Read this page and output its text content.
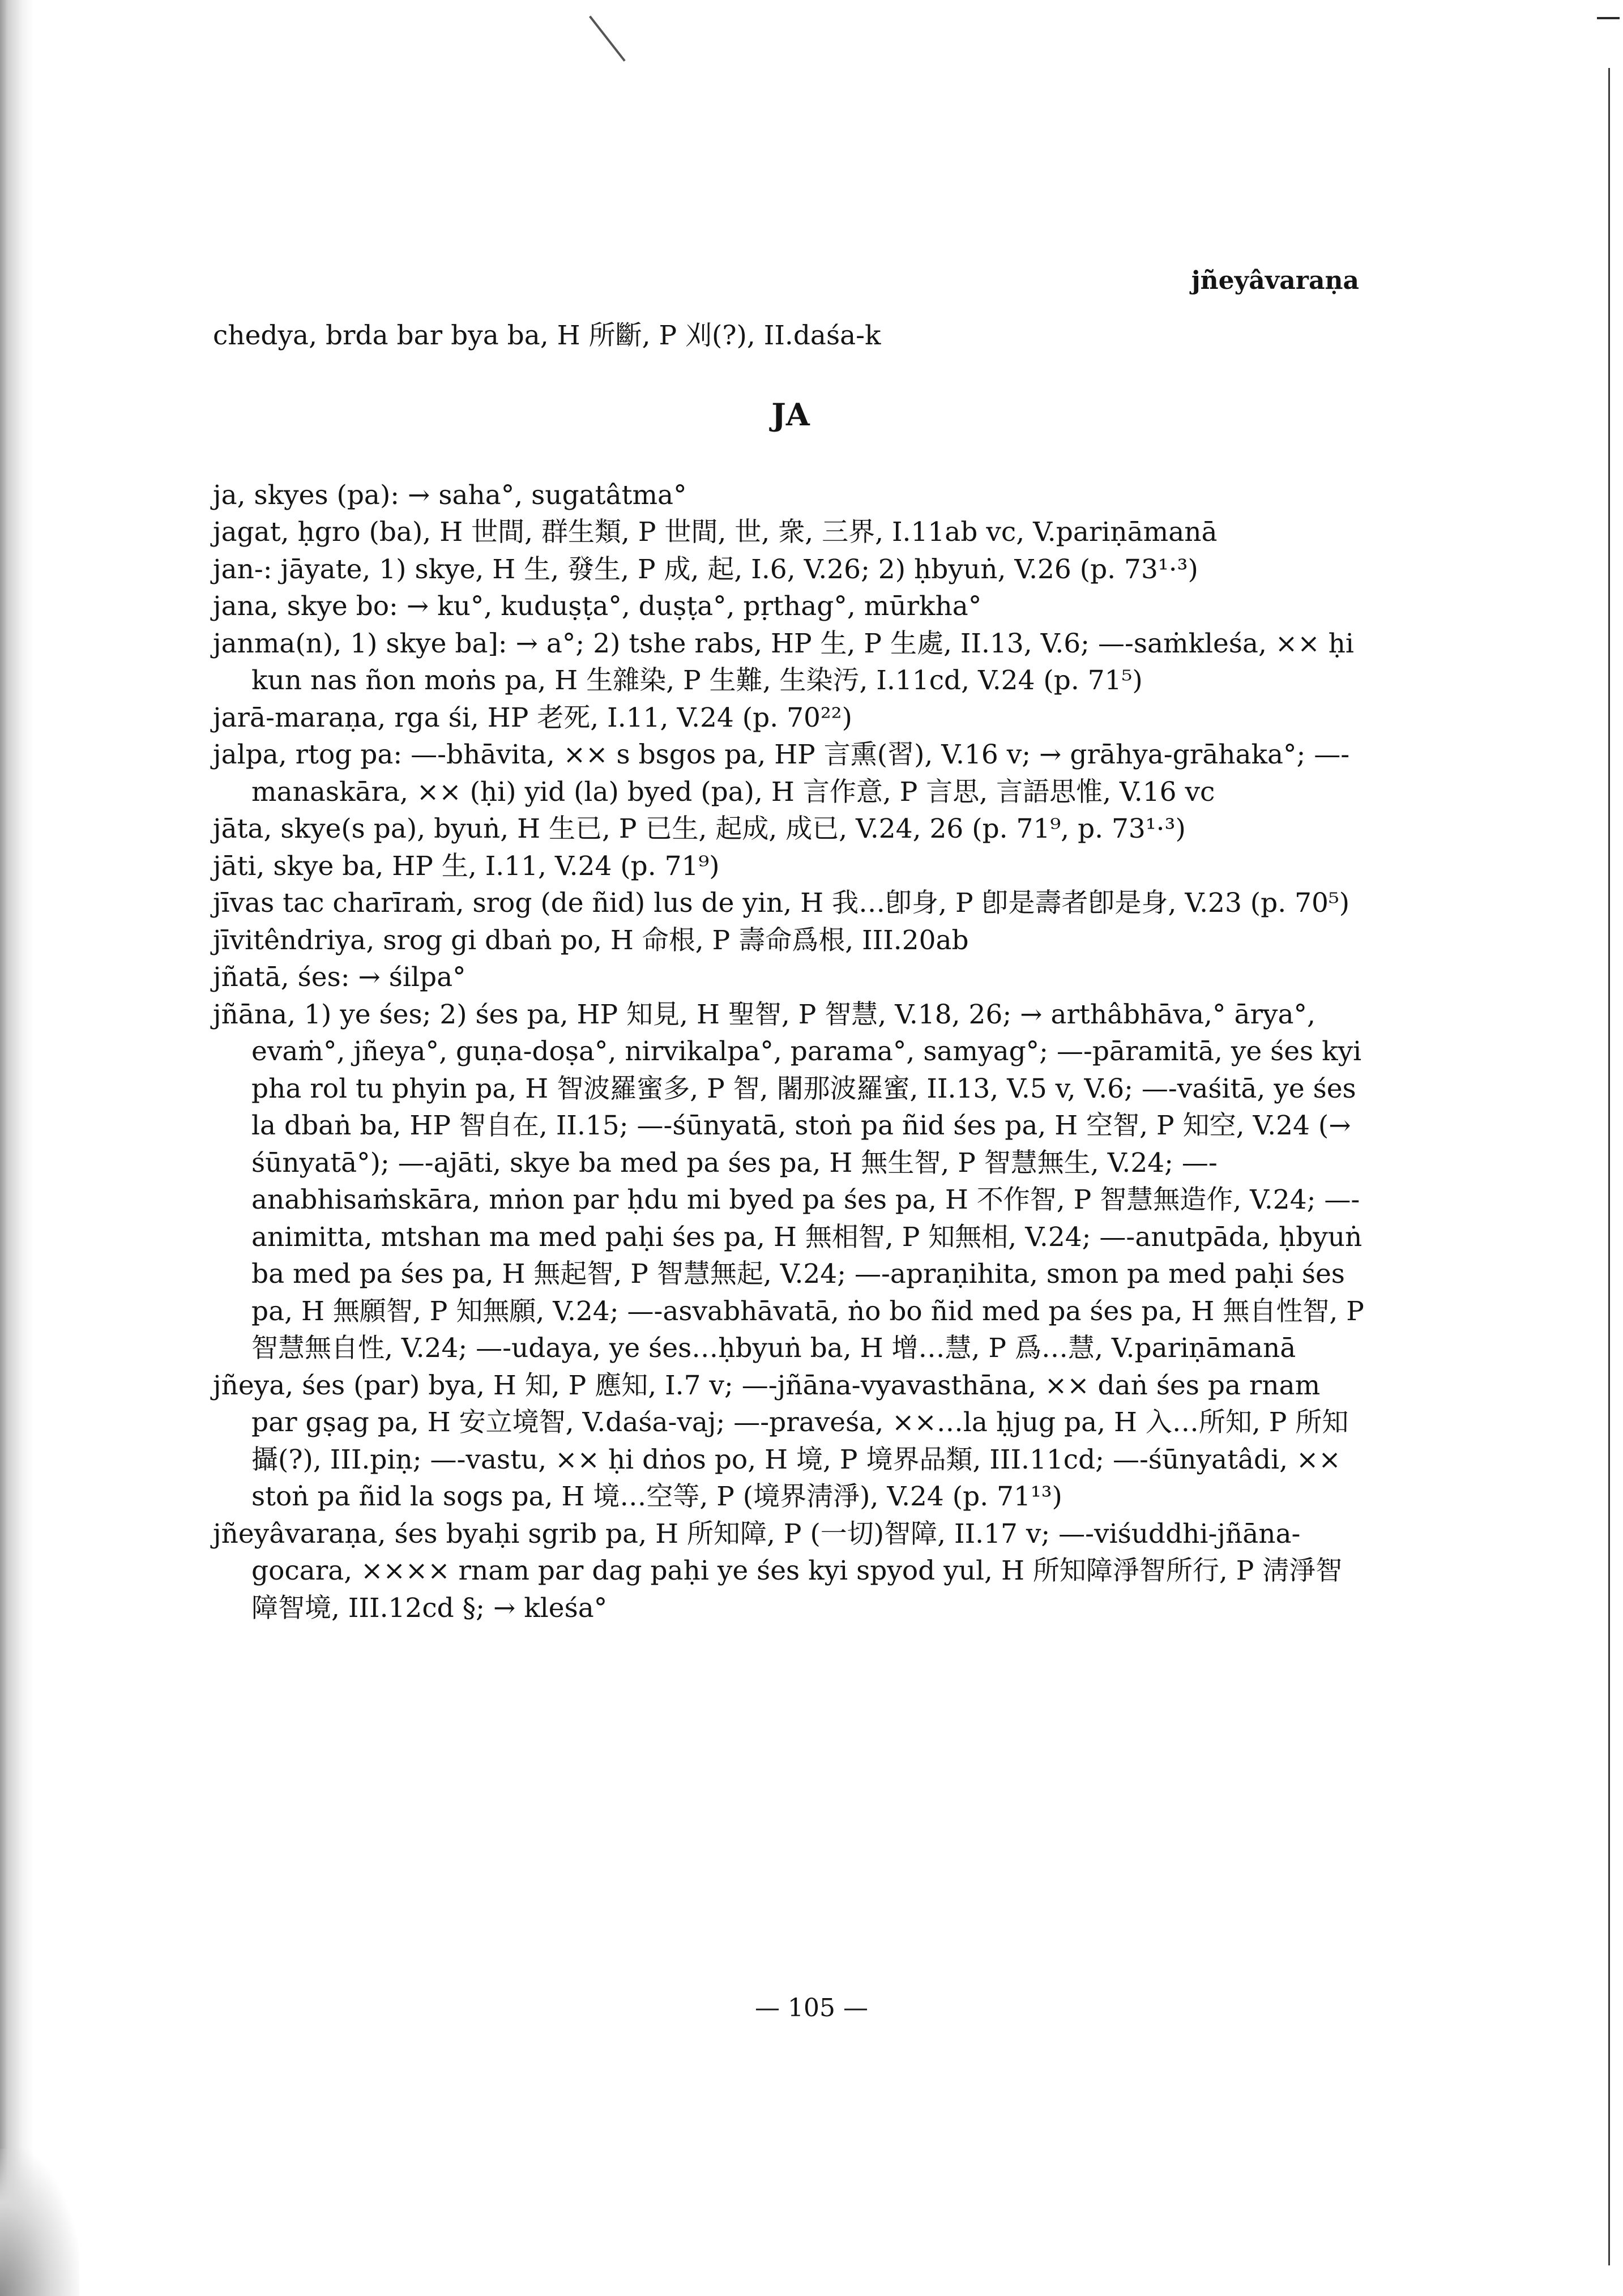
jñeyâvaraṇa

chedya, brda bar bya ba, H 所斷, P 刈(?), II.daśa-k

JA

ja, skyes (pa): → saha°, sugatâtma°

jagat, ḥgro (ba), H 世間, 群生類, P 世間, 世, 衆, 三界, I.11ab vc, V.pariṇāmanā

jan-: jāyate, 1) skye, H 生, 發生, P 成, 起, I.6, V.26; 2) ḥbyuṅ, V.26 (p. 73¹·³)

jana, skye bo: → ku°, kuduṣṭa°, duṣṭa°, pṛthag°, mūrkha°

janma(n), 1) skye ba]: → a°; 2) tshe rabs, HP 生, P 生處, II.13, V.6; —-saṁkleśa, ×× ḥi kun nas ñon moṅs pa, H 生雜染, P 生難, 生染汚, I.11cd, V.24 (p. 71⁵)

jarā-maraṇa, rga śi, HP 老死, I.11, V.24 (p. 70²²)

jalpa, rtog pa: —-bhāvita, ×× s bsgos pa, HP 言熏(習), V.16 v; → grāhya-grāhaka°; —-manaskāra, ×× (ḥi) yid (la) byed (pa), H 言作意, P 言思, 言語思惟, V.16 vc

jāta, skye(s pa), byuṅ, H 生已, P 已生, 起成, 成已, V.24, 26 (p. 71⁹, p. 73¹·³)

jāti, skye ba, HP 生, I.11, V.24 (p. 71⁹)

jīvas tac charīraṁ, srog (de ñid) lus de yin, H 我…卽身, P 卽是壽者卽是身, V.23 (p. 70⁵)

jīvitêndriya, srog gi dbaṅ po, H 命根, P 壽命爲根, III.20ab

jñatā, śes: → śilpa°

jñāna, 1) ye śes; 2) śes pa, HP 知見, H 聖智, P 智慧, V.18, 26; → arthâbhāva,° ārya°, evaṁ°, jñeya°, guṇa-doṣa°, nirvikalpa°, parama°, samyag°; —-pāramitā, ye śes kyi pha rol tu phyin pa, H 智波羅蜜多, P 智, 闍那波羅蜜, II.13, V.5 v, V.6; —-vaśitā, ye śes la dbaṅ ba, HP 智自在, II.15; —-śūnyatā, stoṅ pa ñid śes pa, H 空智, P 知空, V.24 (→ śūnyatā°); —-ajāti, skye ba med pa śes pa, H 無生智, P 智慧無生, V.24; —-anabhisaṁskāra, mṅon par ḥdu mi byed pa śes pa, H 不作智, P 智慧無造作, V.24; —-animitta, mtshan ma med paḥi śes pa, H 無相智, P 知無相, V.24; —-anutpāda, ḥbyuṅ ba med pa śes pa, H 無起智, P 智慧無起, V.24; —-apraṇihita, smon pa med paḥi śes pa, H 無願智, P 知無願, V.24; —-asvabhāvatā, ṅo bo ñid med pa śes pa, H 無自性智, P 智慧無自性, V.24; —-udaya, ye śes…ḥbyuṅ ba, H 增…慧, P 爲…慧, V.pariṇāmanā

jñeya, śes (par) bya, H 知, P 應知, I.7 v; —-jñāna-vyavasthāna, ×× daṅ śes pa rnam par gṣag pa, H 安立境智, V.daśa-vaj; —-praveśa, ××…la ḥjug pa, H 入…所知, P 所知攝(?), III.piṇ; —-vastu, ×× ḥi dṅos po, H 境, P 境界品類, III.11cd; —-śūnyatâdi, ×× stoṅ pa ñid la sogs pa, H 境…空等, P (境界淸淨), V.24 (p. 71¹³)

jñeyâvaraṇa, śes byaḥi sgrib pa, H 所知障, P (一切)智障, II.17 v; —-viśuddhi-jñāna-gocara, ×××× rnam par dag paḥi ye śes kyi spyod yul, H 所知障淨智所行, P 淸淨智障智境, III.12cd §; → kleśa°

— 105 —
